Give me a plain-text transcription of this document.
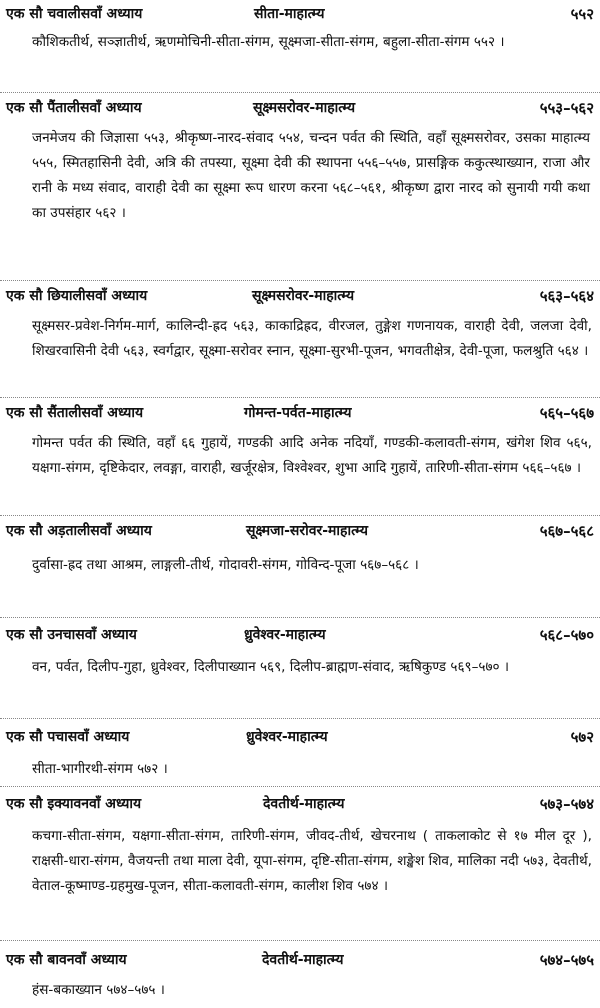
एक सौ चवालीसवाँ अध्याय	सीता-माहात्म्य	५५२
कौशिकतीर्थ, सञ्ज्ञातीर्थ, ऋणमोचिनी-सीता-संगम, सूक्ष्मजा-सीता-संगम, बहुला-सीता-संगम ५५२ ।
एक सौ पैंतालीसवाँ अध्याय	सूक्ष्मसरोवर-माहात्म्य	५५३–५६२
जनमेजय की जिज्ञासा ५५३, श्रीकृष्ण-नारद-संवाद ५५४, चन्दन पर्वत की स्थिति, वहाँ सूक्ष्मसरोवर, उसका माहात्म्य ५५५, स्मितहासिनी देवी, अत्रि की तपस्या, सूक्ष्मा देवी की स्थापना ५५६–५५७, प्रासङ्गिक ककुत्स्थाख्यान, राजा और रानी के मध्य संवाद, वाराही देवी का सूक्ष्मा रूप धारण करना ५६८–५६१, श्रीकृष्ण द्वारा नारद को सुनायी गयी कथा का उपसंहार ५६२ ।
एक सौ छियालीसवाँ अध्याय	सूक्ष्मसरोवर-माहात्म्य	५६३–५६४
सूक्ष्मसर-प्रवेश-निर्गम-मार्ग, कालिन्दी-ह्रद ५६३, काकाद्रिह्रद, वीरजल, तुङ्गेश गणनायक, वाराही देवी, जलजा देवी, शिखरवासिनी देवी ५६३, स्वर्गद्वार, सूक्ष्मा-सरोवर स्नान, सूक्ष्मा-सुरभी-पूजन, भगवतीक्षेत्र, देवी-पूजा, फलश्रुति ५६४ ।
एक सौ सैंतालीसवाँ अध्याय	गोमन्त-पर्वत-माहात्म्य	५६५–५६७
गोमन्त पर्वत की स्थिति, वहाँ ६६ गुहायें, गण्डकी आदि अनेक नदियाँ, गण्डकी-कलावती-संगम, खंगेश शिव ५६५, यक्षगा-संगम, दृष्टिकेदार, लवङ्गा, वाराही, खर्जूरक्षेत्र, विश्वेश्वर, शुभा आदि गुहायें, तारिणी-सीता-संगम ५६६–५६७ ।
एक सौ अड़तालीसवाँ अध्याय	सूक्ष्मजा-सरोवर-माहात्म्य	५६७–५६८
दुर्वासा-ह्रद तथा आश्रम, लाङ्गली-तीर्थ, गोदावरी-संगम, गोविन्द-पूजा ५६७–५६८ ।
एक सौ उनचासवाँ अध्याय	ध्रुवेश्वर-माहात्म्य	५६८–५७०
वन, पर्वत, दिलीप-गुहा, ध्रुवेश्वर, दिलीपाख्यान ५६९, दिलीप-ब्राह्मण-संवाद, ऋषिकुण्ड ५६९–५७० ।
एक सौ पचासवाँ अध्याय	ध्रुवेश्वर-माहात्म्य	५७२
सीता-भागीरथी-संगम ५७२ ।
एक सौ इक्यावनवाँ अध्याय	देवतीर्थ-माहात्म्य	५७३–५७४
कचगा-सीता-संगम, यक्षगा-सीता-संगम, तारिणी-संगम, जीवद-तीर्थ, खेचरनाथ ( ताकलाकोट से १७ मील दूर ), राक्षसी-धारा-संगम, वैजयन्ती तथा माला देवी, यूपा-संगम, दृष्टि-सीता-संगम, शङ्खेश शिव, मालिका नदी ५७३, देवतीर्थ, वेताल-कूष्माण्ड-ग्रहमुख-पूजन, सीता-कलावती-संगम, कालीश शिव ५७४ ।
एक सौ बावनवाँ अध्याय	देवतीर्थ-माहात्म्य	५७४–५७५
हंस-बकाख्यान ५७४–५७५ ।
